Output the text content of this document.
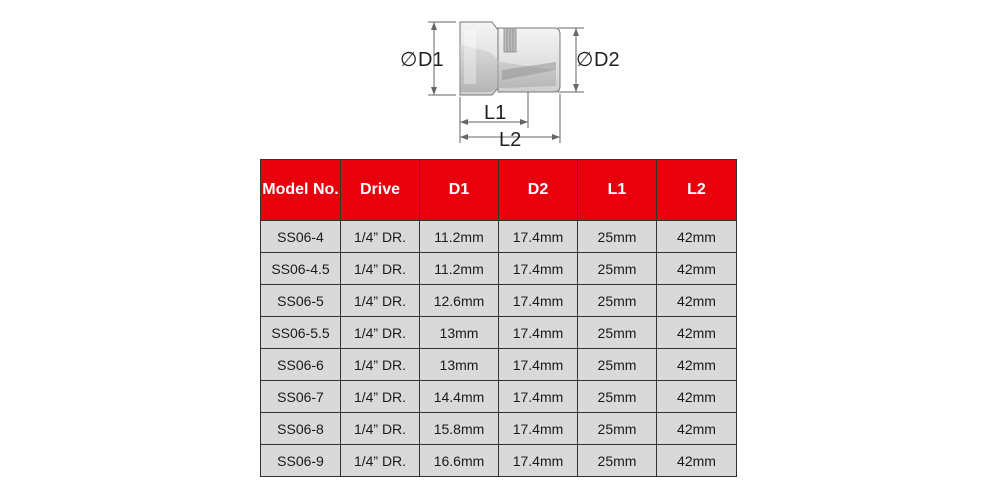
∅ D1	∅ D2
L1
L2
Model No.	Drive	D1	D2	L1	L2
SS06-4	1/4” DR.	11.2mm	17.4mm	25mm	42mm
SS06-4.5	1/4” DR.	11.2mm	17.4mm	25mm	42mm
SS06-5	1/4” DR.	12.6mm	17.4mm	25mm	42mm
SS06-5.5	1/4” DR.	13mm	17.4mm	25mm	42mm
SS06-6	1/4” DR.	13mm	17.4mm	25mm	42mm
SS06-7	1/4” DR.	14.4mm	17.4mm	25mm	42mm
SS06-8	1/4” DR.	15.8mm	17.4mm	25mm	42mm
SS06-9	1/4” DR.	16.6mm	17.4mm	25mm	42mm
